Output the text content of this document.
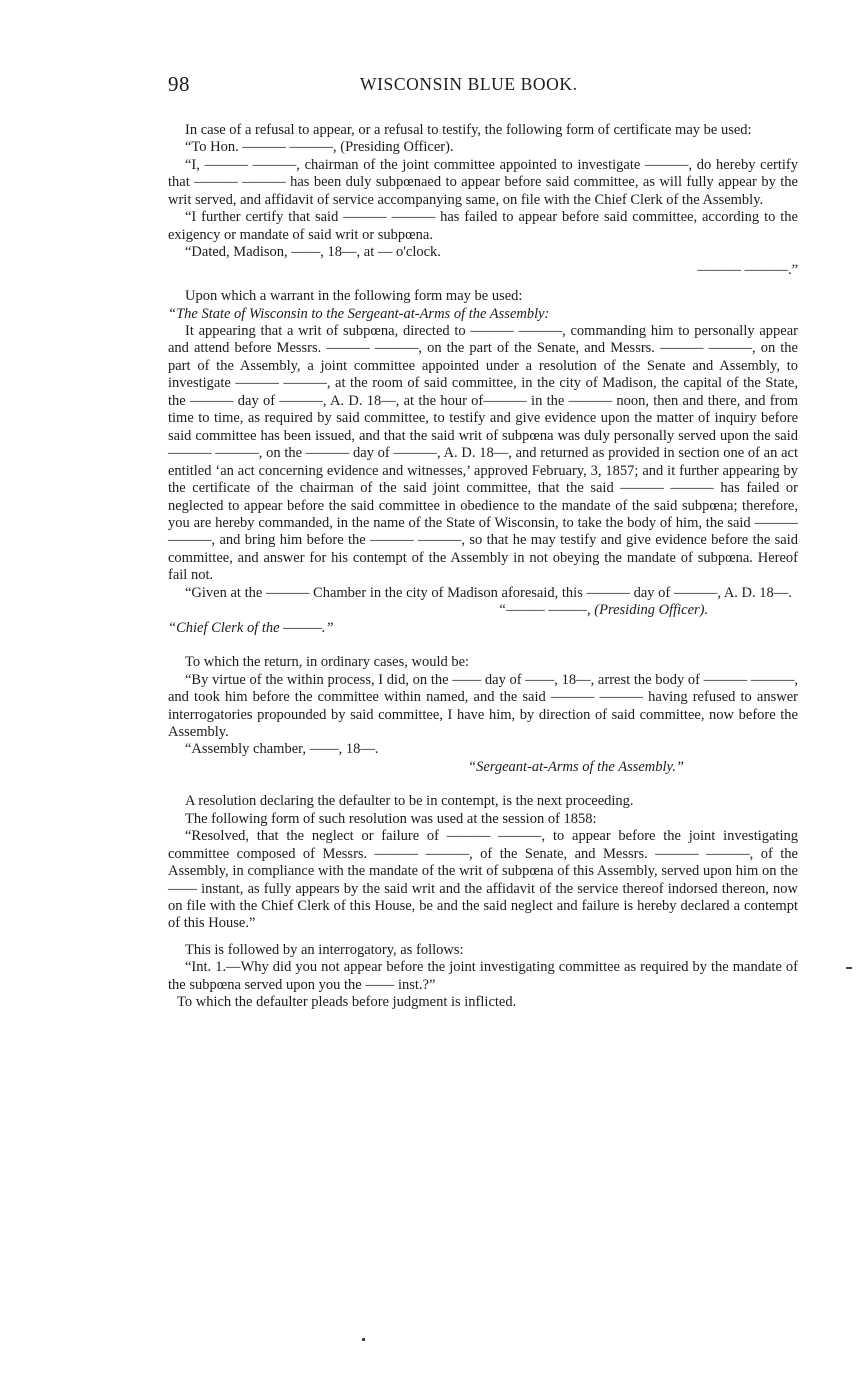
98	WISCONSIN BLUE BOOK.

In case of a refusal to appear, or a refusal to testify, the following form of certificate may be used:

“To Hon. ——— ———, (Presiding Officer).

“I, ——— ———, chairman of the joint committee appointed to investigate ———, do hereby certify that ——— ——— has been duly subpœnaed to appear before said committee, as will fully appear by the writ served, and affidavit of service accompanying same, on file with the Chief Clerk of the Assembly.

“I further certify that said ——— ——— has failed to appear before said committee, according to the exigency or mandate of said writ or subpœna.

“Dated, Madison, ——, 18—, at — o'clock.

——— ———.”

Upon which a warrant in the following form may be used:

“The State of Wisconsin to the Sergeant-at-Arms of the Assembly:

It appearing that a writ of subpœna, directed to ——— ———, commanding him to personally appear and attend before Messrs. ——— ———, on the part of the Senate, and Messrs. ——— ———, on the part of the Assembly, a joint committee appointed under a resolution of the Senate and Assembly, to investigate ——— ———, at the room of said committee, in the city of Madison, the capital of the State, the ——— day of ———, A. D. 18—, at the hour of——— in the ——— noon, then and there, and from time to time, as required by said committee, to testify and give evidence upon the matter of inquiry before said committee has been issued, and that the said writ of subpœna was duly personally served upon the said ——— ———, on the ——— day of ———, A. D. 18—, and returned as provided in section one of an act entitled ‘an act concerning evidence and witnesses,’ approved February, 3, 1857; and it further appearing by the certificate of the chairman of the said joint committee, that the said ——— ——— has failed or neglected to appear before the said committee in obedience to the mandate of the said subpœna; therefore, you are hereby commanded, in the name of the State of Wisconsin, to take the body of him, the said ——— ———, and bring him before the ——— ———, so that he may testify and give evidence before the said committee, and answer for his contempt of the Assembly in not obeying the mandate of subpœna. Hereof fail not.

“Given at the ——— Chamber in the city of Madison aforesaid, this ——— day of ———, A. D. 18—.

“——— ———, (Presiding Officer).

“Chief Clerk of the ———.”

To which the return, in ordinary cases, would be:

“By virtue of the within process, I did, on the —— day of ——, 18—, arrest the body of ——— ———, and took him before the committee within named, and the said ——— ——— having refused to answer interrogatories propounded by said committee, I have him, by direction of said committee, now before the Assembly.

“Assembly chamber, ——, 18—.

“Sergeant-at-Arms of the Assembly.”

A resolution declaring the defaulter to be in contempt, is the next proceeding.

The following form of such resolution was used at the session of 1858:

“Resolved, that the neglect or failure of ——— ———, to appear before the joint investigating committee composed of Messrs. ——— ———, of the Senate, and Messrs. ——— ———, of the Assembly, in compliance with the mandate of the writ of subpœna of this Assembly, served upon him on the —— instant, as fully appears by the said writ and the affidavit of the service thereof indorsed thereon, now on file with the Chief Clerk of this House, be and the said neglect and failure is hereby declared a contempt of this House.”

This is followed by an interrogatory, as follows:

“Int. 1.—Why did you not appear before the joint investigating committee as required by the mandate of the subpœna served upon you the —— inst.?”

To which the defaulter pleads before judgment is inflicted.
